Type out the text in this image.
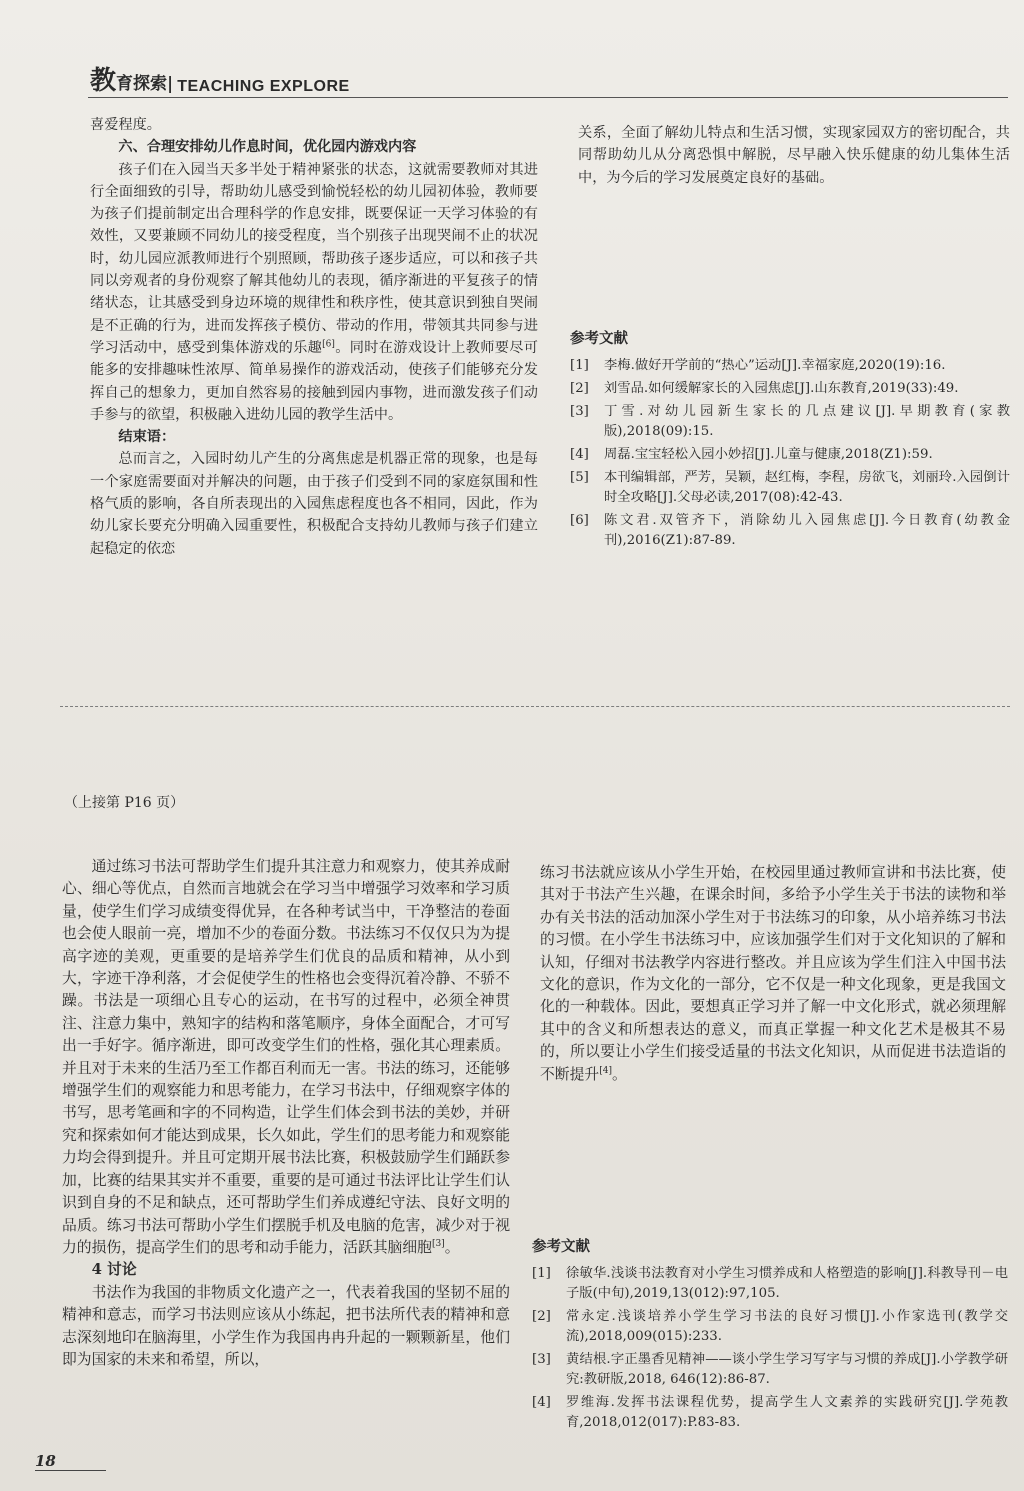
教 育探索 | TEACHING EXPLORE

喜爱程度。

六、合理安排幼儿作息时间，优化园内游戏内容

孩子们在入园当天多半处于精神紧张的状态，这就需要教师对其进行全面细致的引导，帮助幼儿感受到愉悦轻松的幼儿园初体验，教师要为孩子们提前制定出合理科学的作息安排，既要保证一天学习体验的有效性，又要兼顾不同幼儿的接受程度，当个别孩子出现哭闹不止的状况时，幼儿园应派教师进行个别照顾，帮助孩子逐步适应，可以和孩子共同以旁观者的身份观察了解其他幼儿的表现，循序渐进的平复孩子的情绪状态，让其感受到身边环境的规律性和秩序性，使其意识到独自哭闹是不正确的行为，进而发挥孩子模仿、带动的作用，带领其共同参与进学习活动中，感受到集体游戏的乐趣[6]。同时在游戏设计上教师要尽可能多的安排趣味性浓厚、简单易操作的游戏活动，使孩子们能够充分发挥自己的想象力，更加自然容易的接触到园内事物，进而激发孩子们动手参与的欲望，积极融入进幼儿园的教学生活中。

结束语：

总而言之，入园时幼儿产生的分离焦虑是机器正常的现象，也是每一个家庭需要面对并解决的问题，由于孩子们受到不同的家庭氛围和性格气质的影响，各自所表现出的入园焦虑程度也各不相同，因此，作为幼儿家长要充分明确入园重要性，积极配合支持幼儿教师与孩子们建立起稳定的依恋

关系，全面了解幼儿特点和生活习惯，实现家园双方的密切配合，共同帮助幼儿从分离恐惧中解脱，尽早融入快乐健康的幼儿集体生活中，为今后的学习发展奠定良好的基础。

参考文献
[1]	李梅.做好开学前的“热心”运动[J].幸福家庭,2020(19):16.
[2]	刘雪品.如何缓解家长的入园焦虑[J].山东教育,2019(33):49.
[3]	丁雪.对幼儿园新生家长的几点建议[J].早期教育(家教版),2018(09):15.
[4]	周磊.宝宝轻松入园小妙招[J].儿童与健康,2018(Z1):59.
[5]	本刊编辑部，严芳，吴颖，赵红梅，李程，房欲飞，刘丽玲.入园倒计时全攻略[J].父母必读,2017(08):42-43.
[6]	陈文君.双管齐下，消除幼儿入园焦虑[J].今日教育(幼教金刊),2016(Z1):87-89.
（上接第 P16 页）

通过练习书法可帮助学生们提升其注意力和观察力，使其养成耐心、细心等优点，自然而言地就会在学习当中增强学习效率和学习质量，使学生们学习成绩变得优异，在各种考试当中，干净整洁的卷面也会使人眼前一亮，增加不少的卷面分数。书法练习不仅仅只为为提高字迹的美观，更重要的是培养学生们优良的品质和精神，从小到大，字迹干净利落，才会促使学生的性格也会变得沉着冷静、不骄不躁。书法是一项细心且专心的运动，在书写的过程中，必须全神贯注、注意力集中，熟知字的结构和落笔顺序，身体全面配合，才可写出一手好字。循序渐进，即可改变学生们的性格，强化其心理素质。并且对于未来的生活乃至工作都百利而无一害。书法的练习，还能够增强学生们的观察能力和思考能力，在学习书法中，仔细观察字体的书写，思考笔画和字的不同构造，让学生们体会到书法的美妙，并研究和探索如何才能达到成果，长久如此，学生们的思考能力和观察能力均会得到提升。并且可定期开展书法比赛，积极鼓励学生们踊跃参加，比赛的结果其实并不重要，重要的是可通过书法评比让学生们认识到自身的不足和缺点，还可帮助学生们养成遵纪守法、良好文明的品质。练习书法可帮助小学生们摆脱手机及电脑的危害，减少对于视力的损伤，提高学生们的思考和动手能力，活跃其脑细胞[3]。

4 讨论

书法作为我国的非物质文化遗产之一，代表着我国的坚韧不屈的精神和意志，而学习书法则应该从小练起，把书法所代表的精神和意志深刻地印在脑海里，小学生作为我国冉冉升起的一颗颗新星，他们即为国家的未来和希望，所以，

练习书法就应该从小学生开始，在校园里通过教师宣讲和书法比赛，使其对于书法产生兴趣，在课余时间，多给予小学生关于书法的读物和举办有关书法的活动加深小学生对于书法练习的印象，从小培养练习书法的习惯。在小学生书法练习中，应该加强学生们对于文化知识的了解和认知，仔细对书法教学内容进行整改。并且应该为学生们注入中国书法文化的意识，作为文化的一部分，它不仅是一种文化现象，更是我国文化的一种载体。因此，要想真正学习并了解一中文化形式，就必须理解其中的含义和所想表达的意义，而真正掌握一种文化艺术是极其不易的，所以要让小学生们接受适量的书法文化知识，从而促进书法造诣的不断提升[4]。

参考文献
[1]	徐敏华.浅谈书法教育对小学生习惯养成和人格塑造的影响[J].科教导刊－电子版(中旬),2019,13(012):97,105.
[2]	常永定.浅谈培养小学生学习书法的良好习惯[J].小作家选刊(教学交流),2018,009(015):233.
[3]	黄结根.字正墨香见精神——谈小学生学习写字与习惯的养成[J].小学教学研究:教研版,2018, 646(12):86-87.
[4]	罗维海.发挥书法课程优势，提高学生人文素养的实践研究[J].学苑教育,2018,012(017):P.83-83.
18
